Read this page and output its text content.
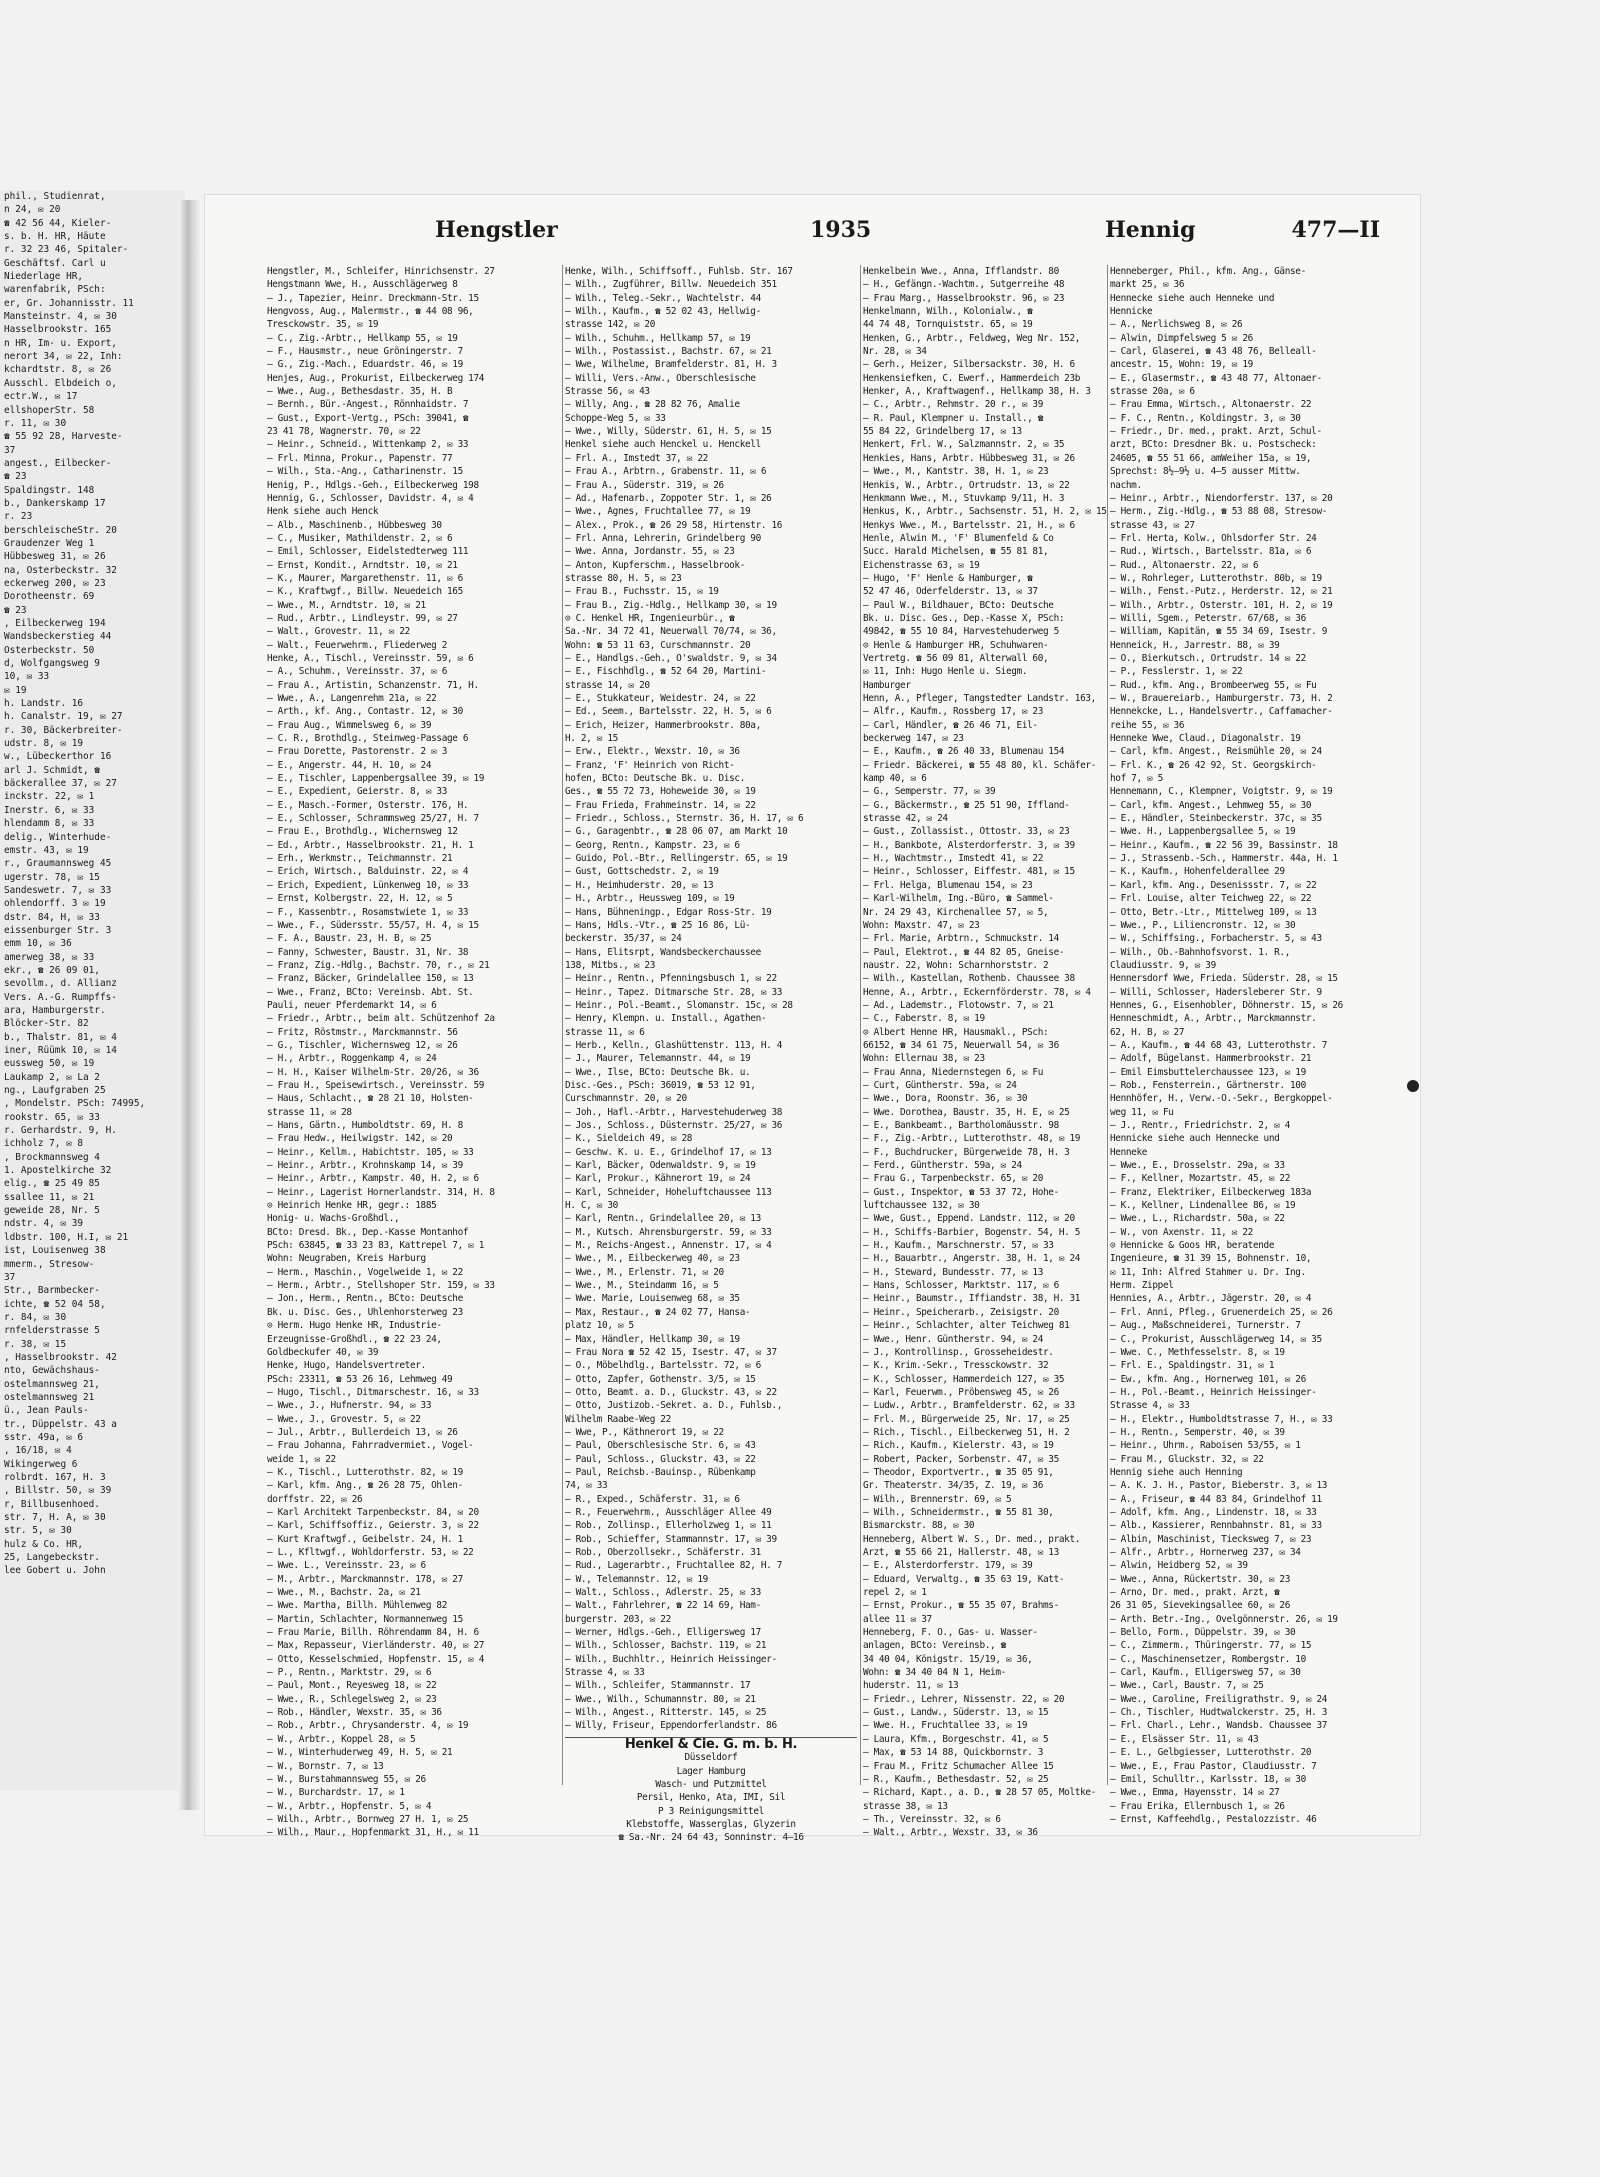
phil., Studienrat,
n 24, ✉ 20
☎ 42 56 44, Kieler-
s. b. H. HR, Häute
r. 32 23 46, Spitaler-
Geschäftsf. Carl u
Niederlage HR,
warenfabrik, PSch:
er, Gr. Johannisstr. 11
Mansteinstr. 4, ✉ 30
Hasselbrookstr. 165
n HR, Im- u. Export,
nerort 34, ✉ 22, Inh:
kchardtstr. 8, ✉ 26
Ausschl. Elbdeich o,
ectr.W., ✉ 17
ellshoperStr. 58
r. 11, ✉ 30
☎ 55 92 28, Harveste-
37
angest., Eilbecker-
☎ 23
Spaldingstr. 148
b., Dankerskamp 17
r. 23
berschleischeStr. 20
Graudenzer Weg 1
Hübbesweg 31, ✉ 26
na, Osterbeckstr. 32
eckerweg 200, ✉ 23
Dorotheenstr. 69
☎ 23
, Eilbeckerweg 194
Wandsbeckerstieg 44
Osterbeckstr. 50
d, Wolfgangsweg 9
10, ✉ 33
✉ 19
h. Landstr. 16
h. Canalstr. 19, ✉ 27
r. 30, Bäckerbreiter-
udstr. 8, ✉ 19
w., Lübeckerthor 16
arl J. Schmidt, ☎
bäckerallee 37, ✉ 27
inckstr. 22, ✉ 1
Inerstr. 6, ✉ 33
hlendamm 8, ✉ 33
delig., Winterhude-
emstr. 43, ✉ 19
r., Graumannsweg 45
ugerstr. 78, ✉ 15
Sandeswetr. 7, ✉ 33
ohlendorff. 3 ✉ 19
dstr. 84, H, ✉ 33
eissenburger Str. 3
emm 10, ✉ 36
amerweg 38, ✉ 33
ekr., ☎ 26 09 01,
sevollm., d. Allianz
Vers. A.-G. Rumpffs-
ara, Hamburgerstr.
Blöcker-Str. 82
b., Thalstr. 81, ✉ 4
iner, Rüümk 10, ✉ 14
eussweg 50, ✉ 19
Laukamp 2, ✉ La 2
ng., Laufgraben 25
, Mondelstr. PSch: 74995,
rookstr. 65, ✉ 33
r. Gerhardstr. 9, H.
ichholz 7, ✉ 8
, Brockmannsweg 4
1. Apostelkirche 32
elig., ☎ 25 49 85
ssallee 11, ✉ 21
geweide 28, Nr. 5
ndstr. 4, ✉ 39
ldbstr. 100, H.I, ✉ 21
ist, Louisenweg 38
mmerm., Stresow-
37
Str., Barmbecker-
ichte, ☎ 52 04 58,
r. 84, ✉ 30
rnfelderstrasse 5
r. 38, ✉ 15
, Hasselbrookstr. 42
nto, Gewächshaus-
ostelmannsweg 21,
ostelmannsweg 21
ü., Jean Pauls-
tr., Düppelstr. 43 a
sstr. 49a, ✉ 6
, 16/18, ✉ 4
Wikingerweg 6
rolbrdt. 167, H. 3
, Billstr. 50, ✉ 39
r, Billbusenhoed.
str. 7, H. A, ✉ 30
str. 5, ✉ 30
hulz & Co. HR,
25, Langebeckstr.
lee Gobert u. John
Hengstler	1935	Hennig	477—II
Hengstler, M., Schleifer, Hinrichsenstr. 27
Hengstmann Wwe, H., Ausschlägerweg 8
— J., Tapezier, Heinr. Dreckmann-Str. 15
Hengvoss, Aug., Malermstr., ☎ 44 08 96,
Tresckowstr. 35, ✉ 19
— C., Zig.-Arbtr., Hellkamp 55, ✉ 19
— F., Hausmstr., neue Gröningerstr. 7
— G., Zig.-Mach., Eduardstr. 46, ✉ 19
Henjes, Aug., Prokurist, Eilbeckerweg 174
— Wwe., Aug., Bethesdastr. 35, H. B
— Bernh., Bür.-Angest., Rönnhaidstr. 7
— Gust., Export-Vertg., PSch: 39041, ☎
23 41 78, Wagnerstr. 70, ✉ 22
— Heinr., Schneid., Wittenkamp 2, ✉ 33
— Frl. Minna, Prokur., Papenstr. 77
— Wilh., Sta.-Ang., Catharinenstr. 15
Henig, P., Hdlgs.-Geh., Eilbeckerweg 198
Hennig, G., Schlosser, Davidstr. 4, ✉ 4
Henk siehe auch Henck
— Alb., Maschinenb., Hübbesweg 30
— C., Musiker, Mathildenstr. 2, ✉ 6
— Emil, Schlosser, Eidelstedterweg 111
— Ernst, Kondit., Arndtstr. 10, ✉ 21
— K., Maurer, Margarethenstr. 11, ✉ 6
— K., Kraftwgf., Billw. Neuedeich 165
— Wwe., M., Arndtstr. 10, ✉ 21
— Rud., Arbtr., Lindleystr. 99, ✉ 27
— Walt., Grovestr. 11, ✉ 22
— Walt., Feuerwehrm., Fliederweg 2
Henke, A., Tischl., Vereinsstr. 59, ✉ 6
— A., Schuhm., Vereinsstr. 37, ✉ 6
— Frau A., Artistin, Schanzenstr. 71, H.
— Wwe., A., Langenrehm 21a, ✉ 22
— Arth., kf. Ang., Contastr. 12, ✉ 30
— Frau Aug., Wimmelsweg 6, ✉ 39
— C. R., Brothdlg., Steinweg-Passage 6
— Frau Dorette, Pastorenstr. 2 ✉ 3
— E., Angerstr. 44, H. 10, ✉ 24
— E., Tischler, Lappenbergsallee 39, ✉ 19
— E., Expedient, Geierstr. 8, ✉ 33
— E., Masch.-Former, Osterstr. 176, H.
— E., Schlosser, Schrammsweg 25/27, H. 7
— Frau E., Brothdlg., Wichernsweg 12
— Ed., Arbtr., Hasselbrookstr. 21, H. 1
— Erh., Werkmstr., Teichmannstr. 21
— Erich, Wirtsch., Balduinstr. 22, ✉ 4
— Erich, Expedient, Lünkenweg 10, ✉ 33
— Ernst, Kolbergstr. 22, H. 12, ✉ 5
— F., Kassenbtr., Rosamstwiete 1, ✉ 33
— Wwe., F., Südersstr. 55/57, H. 4, ✉ 15
— F. A., Baustr. 23, H. B, ✉ 25
— Fanny, Schwester, Baustr. 31, Nr. 38
— Franz, Zig.-Hdlg., Bachstr. 70, r., ✉ 21
— Franz, Bäcker, Grindelallee 150, ✉ 13
— Wwe., Franz, BCto: Vereinsb. Abt. St.
Pauli, neuer Pferdemarkt 14, ✉ 6
— Friedr., Arbtr., beim alt. Schützenhof 2a
— Fritz, Röstmstr., Marckmannstr. 56
— G., Tischler, Wichernsweg 12, ✉ 26
— H., Arbtr., Roggenkamp 4, ✉ 24
— H. H., Kaiser Wilhelm-Str. 20/26, ✉ 36
— Frau H., Speisewirtsch., Vereinsstr. 59
— Haus, Schlacht., ☎ 28 21 10, Holsten-
strasse 11, ✉ 28
— Hans, Gärtn., Humboldtstr. 69, H. 8
— Frau Hedw., Heilwigstr. 142, ✉ 20
— Heinr., Kellm., Habichtstr. 105, ✉ 33
— Heinr., Arbtr., Krohnskamp 14, ✉ 39
— Heinr., Arbtr., Kampstr. 40, H. 2, ✉ 6
— Heinr., Lagerist Hornerlandstr. 314, H. 8
⊙ Heinrich Henke HR, gegr.: 1885
Honig- u. Wachs-Großhdl.,
BCto: Dresd. Bk., Dep.-Kasse Montanhof
PSch: 63845, ☎ 33 23 83, Kattrepel 7, ✉ 1
Wohn: Neugraben, Kreis Harburg
— Herm., Maschin., Vogelweide 1, ✉ 22
— Herm., Arbtr., Stellshoper Str. 159, ✉ 33
— Jon., Herm., Rentn., BCto: Deutsche
Bk. u. Disc. Ges., Uhlenhorsterweg 23
⊙ Herm. Hugo Henke HR, Industrie-
Erzeugnisse-Großhdl., ☎ 22 23 24,
Goldbeckufer 40, ✉ 39
Henke, Hugo, Handelsvertreter.
PSch: 23311, ☎ 53 26 16, Lehmweg 49
— Hugo, Tischl., Ditmarschestr. 16, ✉ 33
— Wwe., J., Hufnerstr. 94, ✉ 33
— Wwe., J., Grovestr. 5, ✉ 22
— Jul., Arbtr., Bullerdeich 13, ✉ 26
— Frau Johanna, Fahrradvermiet., Vogel-
weide 1, ✉ 22
— K., Tischl., Lutterothstr. 82, ✉ 19
— Karl, kfm. Ang., ☎ 26 28 75, Ohlen-
dorffstr. 22, ✉ 26
— Karl Architekt Tarpenbeckstr. 84, ✉ 20
— Karl, Schiffsoffiz., Geierstr. 3, ✉ 22
— Kurt Kraftwgf., Geibelstr. 24, H. 1
— L., Kfltwgf., Wohldorferstr. 53, ✉ 22
— Wwe. L., Vereinsstr. 23, ✉ 6
— M., Arbtr., Marckmannstr. 178, ✉ 27
— Wwe., M., Bachstr. 2a, ✉ 21
— Wwe. Martha, Billh. Mühlenweg 82
— Martin, Schlachter, Normannenweg 15
— Frau Marie, Billh. Röhrendamm 84, H. 6
— Max, Repasseur, Vierländerstr. 40, ✉ 27
— Otto, Kesselschmied, Hopfenstr. 15, ✉ 4
— P., Rentn., Marktstr. 29, ✉ 6
— Paul, Mont., Reyesweg 18, ✉ 22
— Wwe., R., Schlegelsweg 2, ✉ 23
— Rob., Händler, Wexstr. 35, ✉ 36
— Rob., Arbtr., Chrysanderstr. 4, ✉ 19
— W., Arbtr., Koppel 28, ✉ 5
— W., Winterhuderweg 49, H. 5, ✉ 21
— W., Bornstr. 7, ✉ 13
— W., Burstahmannsweg 55, ✉ 26
— W., Burchardstr. 17, ✉ 1
— W., Arbtr., Hopfenstr. 5, ✉ 4
— Wilh., Arbtr., Bornweg 27 H. 1, ✉ 25
— Wilh., Maur., Hopfenmarkt 31, H., ✉ 11
Henke, Wilh., Schiffsoff., Fuhlsb. Str. 167
— Wilh., Zugführer, Billw. Neuedeich 351
— Wilh., Teleg.-Sekr., Wachtelstr. 44
— Wilh., Kaufm., ☎ 52 02 43, Hellwig-
strasse 142, ✉ 20
— Wilh., Schuhm., Hellkamp 57, ✉ 19
— Wilh., Postassist., Bachstr. 67, ✉ 21
— Wwe, Wilhelme, Bramfelderstr. 81, H. 3
— Willi, Vers.-Anw., Oberschlesische
Strasse 56, ✉ 43
— Willy, Ang., ☎ 28 82 76, Amalie
Schoppe-Weg 5, ✉ 33
— Wwe., Willy, Süderstr. 61, H. 5, ✉ 15
Henkel siehe auch Henckel u. Henckell
— Frl. A., Imstedt 37, ✉ 22
— Frau A., Arbtrn., Grabenstr. 11, ✉ 6
— Frau A., Süderstr. 319, ✉ 26
— Ad., Hafenarb., Zoppoter Str. 1, ✉ 26
— Wwe., Agnes, Fruchtallee 77, ✉ 19
— Alex., Prok., ☎ 26 29 58, Hirtenstr. 16
— Frl. Anna, Lehrerin, Grindelberg 90
— Wwe. Anna, Jordanstr. 55, ✉ 23
— Anton, Kupferschm., Hasselbrook-
strasse 80, H. 5, ✉ 23
— Frau B., Fuchsstr. 15, ✉ 19
— Frau B., Zig.-Hdlg., Hellkamp 30, ✉ 19
⊙ C. Henkel HR, Ingenieurbür., ☎
Sa.-Nr. 34 72 41, Neuerwall 70/74, ✉ 36,
Wohn: ☎ 53 11 63, Curschmannstr. 20
— E., Handlgs.-Geh., O'swaldstr. 9, ✉ 34
— E., Fischhdlg., ☎ 52 64 20, Martini-
strasse 14, ✉ 20
— E., Stukkateur, Weidestr. 24, ✉ 22
— Ed., Seem., Bartelsstr. 22, H. 5, ✉ 6
— Erich, Heizer, Hammerbrookstr. 80a,
H. 2, ✉ 15
— Erw., Elektr., Wexstr. 10, ✉ 36
— Franz, 'F' Heinrich von Richt-
hofen, BCto: Deutsche Bk. u. Disc.
Ges., ☎ 55 72 73, Hoheweide 30, ✉ 19
— Frau Frieda, Frahmeinstr. 14, ✉ 22
— Friedr., Schloss., Sternstr. 36, H. 17, ✉ 6
— G., Garagenbtr., ☎ 28 06 07, am Markt 10
— Georg, Rentn., Kampstr. 23, ✉ 6
— Guido, Pol.-Btr., Rellingerstr. 65, ✉ 19
— Gust, Gottschedstr. 2, ✉ 19
— H., Heimhuderstr. 20, ✉ 13
— H., Arbtr., Heussweg 109, ✉ 19
— Hans, Bühneningp., Edgar Ross-Str. 19
— Hans, Hdls.-Vtr., ☎ 25 16 86, Lü-
beckerstr. 35/37, ✉ 24
— Hans, Elitsrpt, Wandsbeckerchaussee
138, Mitbs., ✉ 23
— Heinr., Rentn., Pfenningsbusch 1, ✉ 22
— Heinr., Tapez. Ditmarsche Str. 28, ✉ 33
— Heinr., Pol.-Beamt., Slomanstr. 15c, ✉ 28
— Henry, Klempn. u. Install., Agathen-
strasse 11, ✉ 6
— Herb., Kelln., Glashüttenstr. 113, H. 4
— J., Maurer, Telemannstr. 44, ✉ 19
— Wwe., Ilse, BCto: Deutsche Bk. u.
Disc.-Ges., PSch: 36019, ☎ 53 12 91,
Curschmannstr. 20, ✉ 20
— Joh., Hafl.-Arbtr., Harvestehuderweg 38
— Jos., Schloss., Düsternstr. 25/27, ✉ 36
— K., Sieldeich 49, ✉ 28
— Geschw. K. u. E., Grindelhof 17, ✉ 13
— Karl, Bäcker, Odenwaldstr. 9, ✉ 19
— Karl, Prokur., Kähnerort 19, ✉ 24
— Karl, Schneider, Hoheluftchaussee 113
H. C, ✉ 30
— Karl, Rentn., Grindelallee 20, ✉ 13
— M., Kutsch. Ahrensburgerstr. 59, ✉ 33
— M., Reichs-Angest., Annenstr. 17, ✉ 4
— Wwe., M., Eilbeckerweg 40, ✉ 23
— Wwe., M., Erlenstr. 71, ✉ 20
— Wwe., M., Steindamm 16, ✉ 5
— Wwe. Marie, Louisenweg 68, ✉ 35
— Max, Restaur., ☎ 24 02 77, Hansa-
platz 10, ✉ 5
— Max, Händler, Hellkamp 30, ✉ 19
— Frau Nora ☎ 52 42 15, Isestr. 47, ✉ 37
— O., Möbelhdlg., Bartelsstr. 72, ✉ 6
— Otto, Zapfer, Gothenstr. 3/5, ✉ 15
— Otto, Beamt. a. D., Gluckstr. 43, ✉ 22
— Otto, Justizob.-Sekret. a. D., Fuhlsb.,
Wilhelm Raabe-Weg 22
— Wwe, P., Käthnerort 19, ✉ 22
— Paul, Oberschlesische Str. 6, ✉ 43
— Paul, Schloss., Gluckstr. 43, ✉ 22
— Paul, Reichsb.-Bauinsp., Rübenkamp
74, ✉ 33
— R., Exped., Schäferstr. 31, ✉ 6
— R., Feuerwehrm., Ausschläger Allee 49
— Rob., Zollinsp., Ellerholzweg 1, ✉ 11
— Rob., Schieffer, Stammannstr. 17, ✉ 39
— Rob., Oberzollsekr., Schäferstr. 31
— Rud., Lagerarbtr., Fruchtallee 82, H. 7
— W., Telemannstr. 12, ✉ 19
— Walt., Schloss., Adlerstr. 25, ✉ 33
— Walt., Fahrlehrer, ☎ 22 14 69, Ham-
burgerstr. 203, ✉ 22
— Werner, Hdlgs.-Geh., Elligersweg 17
— Wilh., Schlosser, Bachstr. 119, ✉ 21
— Wilh., Buchhltr., Heinrich Heissinger-
Strasse 4, ✉ 33
— Wilh., Schleifer, Stammannstr. 17
— Wwe., Wilh., Schumannstr. 80, ✉ 21
— Wilh., Angest., Ritterstr. 145, ✉ 25
— Willy, Friseur, Eppendorferlandstr. 86
Henkel & Cie. G. m. b. H.
Düsseldorf
Lager Hamburg
Wasch- und Putzmittel
Persil, Henko, Ata, IMI, Sil
P 3 Reinigungsmittel
Klebstoffe, Wasserglas, Glyzerin
☎ Sa.-Nr. 24 64 43, Sonninstr. 4—16
Henkelbein Wwe., Anna, Ifflandstr. 80
— H., Gefängn.-Wachtm., Sutgerreihe 48
— Frau Marg., Hasselbrookstr. 96, ✉ 23
Henkelmann, Wilh., Kolonialw., ☎
44 74 48, Tornquiststr. 65, ✉ 19
Henken, G., Arbtr., Feldweg, Weg Nr. 152,
Nr. 28, ✉ 34
— Gerh., Heizer, Silbersackstr. 30, H. 6
Henkensiefken, C. Ewerf., Hammerdeich 23b
Henker, A., Kraftwagenf., Hellkamp 38, H. 3
— C., Arbtr., Rehmstr. 20 r., ✉ 39
— R. Paul, Klempner u. Install., ☎
55 84 22, Grindelberg 17, ✉ 13
Henkert, Frl. W., Salzmannstr. 2, ✉ 35
Henkies, Hans, Arbtr. Hübbesweg 31, ✉ 26
— Wwe., M., Kantstr. 38, H. 1, ✉ 23
Henkis, W., Arbtr., Ortrudstr. 13, ✉ 22
Henkmann Wwe., M., Stuvkamp 9/11, H. 3
Henkus, K., Arbtr., Sachsenstr. 51, H. 2, ✉ 15
Henkys Wwe., M., Bartelsstr. 21, H., ✉ 6
Henle, Alwin M., 'F' Blumenfeld & Co
Succ. Harald Michelsen, ☎ 55 81 81,
Eichenstrasse 63, ✉ 19
— Hugo, 'F' Henle & Hamburger, ☎
52 47 46, Oderfelderstr. 13, ✉ 37
— Paul W., Bildhauer, BCto: Deutsche
Bk. u. Disc. Ges., Dep.-Kasse X, PSch:
49842, ☎ 55 10 84, Harvestehuderweg 5
⊙ Henle & Hamburger HR, Schuhwaren-
Vertretg. ☎ 56 09 81, Alterwall 60,
✉ 11, Inh: Hugo Henle u. Siegm.
Hamburger
Henn, A., Pfleger, Tangstedter Landstr. 163,
— Alfr., Kaufm., Rossberg 17, ✉ 23
— Carl, Händler, ☎ 26 46 71, Eil-
beckerweg 147, ✉ 23
— E., Kaufm., ☎ 26 40 33, Blumenau 154
— Friedr. Bäckerei, ☎ 55 48 80, kl. Schäfer-
kamp 40, ✉ 6
— G., Semperstr. 77, ✉ 39
— G., Bäckermstr., ☎ 25 51 90, Iffland-
strasse 42, ✉ 24
— Gust., Zollassist., Ottostr. 33, ✉ 23
— H., Bankbote, Alsterdorferstr. 3, ✉ 39
— H., Wachtmstr., Imstedt 41, ✉ 22
— Heinr., Schlosser, Eiffestr. 481, ✉ 15
— Frl. Helga, Blumenau 154, ✉ 23
— Karl-Wilhelm, Ing.-Büro, ☎ Sammel-
Nr. 24 29 43, Kirchenallee 57, ✉ 5,
Wohn: Maxstr. 47, ✉ 23
— Frl. Marie, Arbtrn., Schmuckstr. 14
— Paul, Elektrot., ☎ 44 82 05, Gneise-
naustr. 22, Wohn: Scharnhorststr. 2
— Wilh., Kastellan, Rothenb. Chaussee 38
Henne, A., Arbtr., Eckernförderstr. 78, ✉ 4
— Ad., Lademstr., Flotowstr. 7, ✉ 21
— C., Faberstr. 8, ✉ 19
⊙ Albert Henne HR, Hausmakl., PSch:
66152, ☎ 34 61 75, Neuerwall 54, ✉ 36
Wohn: Ellernau 38, ✉ 23
— Frau Anna, Niedernstegen 6, ✉ Fu
— Curt, Güntherstr. 59a, ✉ 24
— Wwe., Dora, Roonstr. 36, ✉ 30
— Wwe. Dorothea, Baustr. 35, H. E, ✉ 25
— E., Bankbeamt., Bartholomäusstr. 98
— F., Zig.-Arbtr., Lutterothstr. 48, ✉ 19
— F., Buchdrucker, Bürgerweide 78, H. 3
— Ferd., Güntherstr. 59a, ✉ 24
— Frau G., Tarpenbeckstr. 65, ✉ 20
— Gust., Inspektor, ☎ 53 37 72, Hohe-
luftchaussee 132, ✉ 30
— Wwe, Gust., Eppend. Landstr. 112, ✉ 20
— H., Schiffs-Barbier, Bogenstr. 54, H. 5
— H., Kaufm., Marschnerstr. 57, ✉ 33
— H., Bauarbtr., Angerstr. 38, H. 1, ✉ 24
— H., Steward, Bundesstr. 77, ✉ 13
— Hans, Schlosser, Marktstr. 117, ✉ 6
— Heinr., Baumstr., Iffiandstr. 38, H. 31
— Heinr., Speicherarb., Zeisigstr. 20
— Heinr., Schlachter, alter Teichweg 81
— Wwe., Henr. Güntherstr. 94, ✉ 24
— J., Kontrollinsp., Grosseheidestr.
— K., Krim.-Sekr., Tressckowstr. 32
— K., Schlosser, Hammerdeich 127, ✉ 35
— Karl, Feuerwm., Pröbensweg 45, ✉ 26
— Ludw., Arbtr., Bramfelderstr. 62, ✉ 33
— Frl. M., Bürgerweide 25, Nr. 17, ✉ 25
— Rich., Tischl., Eilbeckerweg 51, H. 2
— Rich., Kaufm., Kielerstr. 43, ✉ 19
— Robert, Packer, Sorbenstr. 47, ✉ 35
— Theodor, Exportvertr., ☎ 35 05 91,
Gr. Theaterstr. 34/35, Z. 19, ✉ 36
— Wilh., Brennerstr. 69, ✉ 5
— Wilh., Schneidermstr., ☎ 55 81 30,
Bismarckstr. 88, ✉ 30
Henneberg, Albert W. S., Dr. med., prakt.
Arzt, ☎ 55 66 21, Hallerstr. 48, ✉ 13
— E., Alsterdorferstr. 179, ✉ 39
— Eduard, Verwaltg., ☎ 35 63 19, Katt-
repel 2, ✉ 1
— Ernst, Prokur., ☎ 55 35 07, Brahms-
allee 11 ✉ 37
Henneberg, F. O., Gas- u. Wasser-
anlagen, BCto: Vereinsb., ☎
34 40 04, Königstr. 15/19, ✉ 36,
Wohn: ☎ 34 40 04 N 1, Heim-
huderstr. 11, ✉ 13
— Friedr., Lehrer, Nissenstr. 22, ✉ 20
— Gust., Landw., Süderstr. 13, ✉ 15
— Wwe. H., Fruchtallee 33, ✉ 19
— Laura, Kfm., Borgeschstr. 41, ✉ 5
— Max, ☎ 53 14 88, Quickbornstr. 3
— Frau M., Fritz Schumacher Allee 15
— R., Kaufm., Bethesdastr. 52, ✉ 25
— Richard, Kapt., a. D., ☎ 28 57 05, Moltke-
strasse 38, ✉ 13
— Th., Vereinsstr. 32, ✉ 6
— Walt., Arbtr., Wexstr. 33, ✉ 36
Henneberger, Phil., kfm. Ang., Gänse-
markt 25, ✉ 36
Hennecke siehe auch Henneke und
Hennicke
— A., Nerlichsweg 8, ✉ 26
— Alwin, Dimpfelsweg 5 ✉ 26
— Carl, Glaserei, ☎ 43 48 76, Belleall-
ancestr. 15, Wohn: 19, ✉ 19
— E., Glasermstr., ☎ 43 48 77, Altonaer-
strasse 20a, ✉ 6
— Frau Emma, Wirtsch., Altonaerstr. 22
— F. C., Rentn., Koldingstr. 3, ✉ 30
— Friedr., Dr. med., prakt. Arzt, Schul-
arzt, BCto: Dresdner Bk. u. Postscheck:
24605, ☎ 55 51 66, amWeiher 15a, ✉ 19,
Sprechst: 8½—9½ u. 4—5 ausser Mittw.
nachm.
— Heinr., Arbtr., Niendorferstr. 137, ✉ 20
— Herm., Zig.-Hdlg., ☎ 53 88 08, Stresow-
strasse 43, ✉ 27
— Frl. Herta, Kolw., Ohlsdorfer Str. 24
— Rud., Wirtsch., Bartelsstr. 81a, ✉ 6
— Rud., Altonaerstr. 22, ✉ 6
— W., Rohrleger, Lutterothstr. 80b, ✉ 19
— Wilh., Fenst.-Putz., Herderstr. 12, ✉ 21
— Wilh., Arbtr., Osterstr. 101, H. 2, ✉ 19
— Willi, Sgem., Peterstr. 67/68, ✉ 36
— William, Kapitän, ☎ 55 34 69, Isestr. 9
Henneick, H., Jarrestr. 88, ✉ 39
— O., Bierkutsch., Ortrudstr. 14 ✉ 22
— P., Fesslerstr. 1, ✉ 22
— Rud., kfm. Ang., Brombeerweg 55, ✉ Fu
— W., Brauereiarb., Hamburgerstr. 73, H. 2
Hennekcke, L., Handelsvertr., Caffamacher-
reihe 55, ✉ 36
Henneke Wwe, Claud., Diagonalstr. 19
— Carl, kfm. Angest., Reismühle 20, ✉ 24
— Frl. K., ☎ 26 42 92, St. Georgskirch-
hof 7, ✉ 5
Hennemann, C., Klempner, Voigtstr. 9, ✉ 19
— Carl, kfm. Angest., Lehmweg 55, ✉ 30
— E., Händler, Steinbeckerstr. 37c, ✉ 35
— Wwe. H., Lappenbergsallee 5, ✉ 19
— Heinr., Kaufm., ☎ 22 56 39, Bassinstr. 18
— J., Strassenb.-Sch., Hammerstr. 44a, H. 1
— K., Kaufm., Hohenfelderallee 29
— Karl, kfm. Ang., Desenissstr. 7, ✉ 22
— Frl. Louise, alter Teichweg 22, ✉ 22
— Otto, Betr.-Ltr., Mittelweg 109, ✉ 13
— Wwe., P., Liliencronstr. 12, ✉ 30
— W., Schiffsing., Forbacherstr. 5, ✉ 43
— Wilh., Ob.-Bahnhofsvorst. 1. R.,
Claudiusstr. 9, ✉ 39
Hennersdorf Wwe, Frieda. Süderstr. 28, ✉ 15
— Willi, Schlosser, Hadersleberer Str. 9
Hennes, G., Eisenhobler, Döhnerstr. 15, ✉ 26
Henneschmidt, A., Arbtr., Marckmannstr.
62, H. B, ✉ 27
— A., Kaufm., ☎ 44 68 43, Lutterothstr. 7
— Adolf, Bügelanst. Hammerbrookstr. 21
— Emil Eimsbuttelerchaussee 123, ✉ 19
— Rob., Fensterrein., Gärtnerstr. 100
Hennhöfer, H., Verw.-O.-Sekr., Bergkoppel-
weg 11, ✉ Fu
— J., Rentr., Friedrichstr. 2, ✉ 4
Hennicke siehe auch Hennecke und
Henneke
— Wwe., E., Drosselstr. 29a, ✉ 33
— F., Kellner, Mozartstr. 45, ✉ 22
— Franz, Elektriker, Eilbeckerweg 183a
— K., Kellner, Lindenallee 86, ✉ 19
— Wwe., L., Richardstr. 50a, ✉ 22
— W., von Axenstr. 11, ✉ 22
⊙ Hennicke & Goos HR, beratende
Ingenieure, ☎ 31 39 15, Bohnenstr. 10,
✉ 11, Inh: Alfred Stahmer u. Dr. Ing.
Herm. Zippel
Hennies, A., Arbtr., Jägerstr. 20, ✉ 4
— Frl. Anni, Pfleg., Gruenerdeich 25, ✉ 26
— Aug., Maßschneiderei, Turnerstr. 7
— C., Prokurist, Ausschlägerweg 14, ✉ 35
— Wwe. C., Methfesselstr. 8, ✉ 19
— Frl. E., Spaldingstr. 31, ✉ 1
— Ew., kfm. Ang., Hornerweg 101, ✉ 26
— H., Pol.-Beamt., Heinrich Heissinger-
Strasse 4, ✉ 33
— H., Elektr., Humboldtstrasse 7, H., ✉ 33
— H., Rentn., Semperstr. 40, ✉ 39
— Heinr., Uhrm., Raboisen 53/55, ✉ 1
— Frau M., Gluckstr. 32, ✉ 22
Hennig siehe auch Henning
— A. K. J. H., Pastor, Bieberstr. 3, ✉ 13
— A., Friseur, ☎ 44 83 84, Grindelhof 11
— Adolf, kfm. Ang., Lindenstr. 18, ✉ 33
— Alb., Kassierer, Rennbahnstr. 81, ✉ 33
— Albin, Maschinist, Tiecksweg 7, ✉ 23
— Alfr., Arbtr., Hornerweg 237, ✉ 34
— Alwin, Heidberg 52, ✉ 39
— Wwe., Anna, Rückertstr. 30, ✉ 23
— Arno, Dr. med., prakt. Arzt, ☎
26 31 05, Sievekingsallee 60, ✉ 26
— Arth. Betr.-Ing., Ovelgönnerstr. 26, ✉ 19
— Bello, Form., Düppelstr. 39, ✉ 30
— C., Zimmerm., Thüringerstr. 77, ✉ 15
— C., Maschinensetzer, Rombergstr. 10
— Carl, Kaufm., Elligersweg 57, ✉ 30
— Wwe., Carl, Baustr. 7, ✉ 25
— Wwe., Caroline, Freiligrathstr. 9, ✉ 24
— Ch., Tischler, Hudtwalckerstr. 25, H. 3
— Frl. Charl., Lehr., Wandsb. Chaussee 37
— E., Elsässer Str. 11, ✉ 43
— E. L., Gelbgiesser, Lutterothstr. 20
— Wwe., E., Frau Pastor, Claudiusstr. 7
— Emil, Schulltr., Karlsstr. 18, ✉ 30
— Wwe., Emma, Hayensstr. 14 ✉ 27
— Frau Erika, Ellernbusch 1, ✉ 26
— Ernst, Kaffeehdlg., Pestalozzistr. 46
